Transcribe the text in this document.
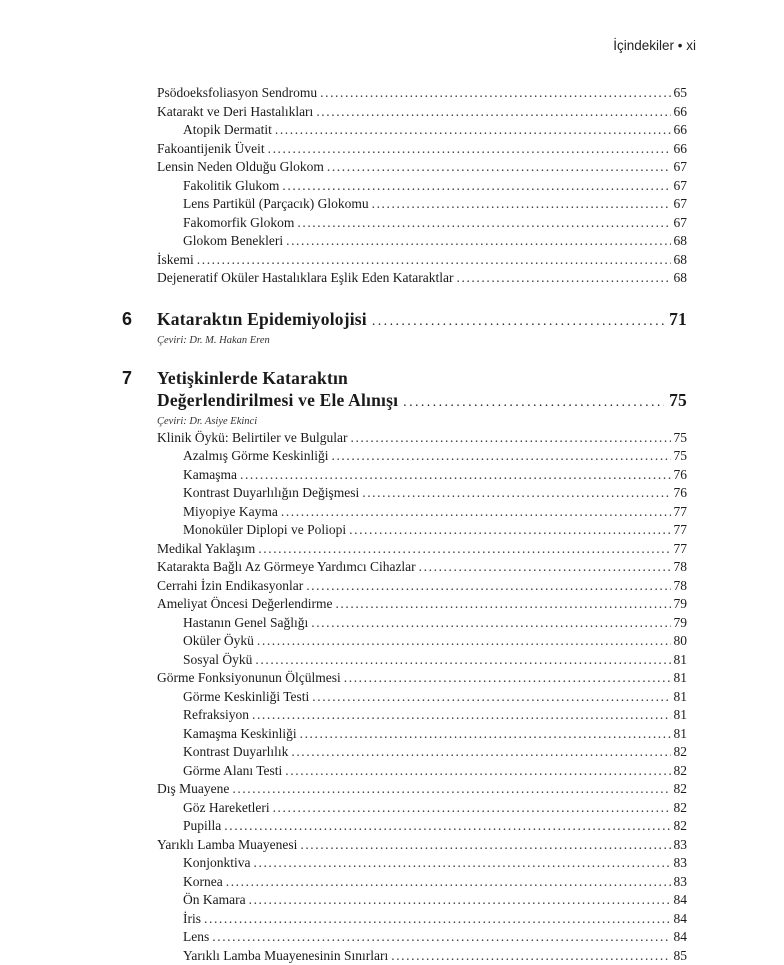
İçindekiler • xi
Psödoeksfoliasyon Sendromu .....	65
Katarakt ve Deri Hastalıkları .....	66
Atopik Dermatit .....	66
Fakoantijenik Üveit .....	66
Lensin Neden Olduğu Glokom .....	67
Fakolitik Glukom .....	67
Lens Partikül (Parçacık) Glokomu .....	67
Fakomorfik Glokom .....	67
Glokom Benekleri .....	68
İskemi .....	68
Dejeneratif Oküler Hastalıklara Eşlik Eden Kataraktlar .....	68
6 Kataraktın Epidemiyolojisi .....	71
Çeviri: Dr. M. Hakan Eren
7 Yetişkinlerde Kataraktın
Değerlendirilmesi ve Ele Alınışı .....	75
Çeviri: Dr. Asiye Ekinci
Klinik Öykü: Belirtiler ve Bulgular .....	75
Azalmış Görme Keskinliği .....	75
Kamaşma .....	76
Kontrast Duyarlılığın Değişmesi .....	76
Miyopiye Kayma .....	77
Monoküler Diplopi ve Poliopi .....	77
Medikal Yaklaşım .....	77
Katarakta Bağlı Az Görmeye Yardımcı Cihazlar .....	78
Cerrahi İzin Endikasyonlar .....	78
Ameliyat Öncesi Değerlendirme .....	79
Hastanın Genel Sağlığı .....	79
Oküler Öykü .....	80
Sosyal Öykü .....	81
Görme Fonksiyonunun Ölçülmesi .....	81
Görme Keskinliği Testi .....	81
Refraksiyon .....	81
Kamaşma Keskinliği .....	81
Kontrast Duyarlılık .....	82
Görme Alanı Testi .....	82
Dış Muayene .....	82
Göz Hareketleri .....	82
Pupilla .....	82
Yarıklı Lamba Muayenesi .....	83
Konjonktiva .....	83
Kornea .....	83
Ön Kamara .....	84
İris .....	84
Lens .....	84
Yarıklı Lamba Muayenesinin Sınırları .....	85
